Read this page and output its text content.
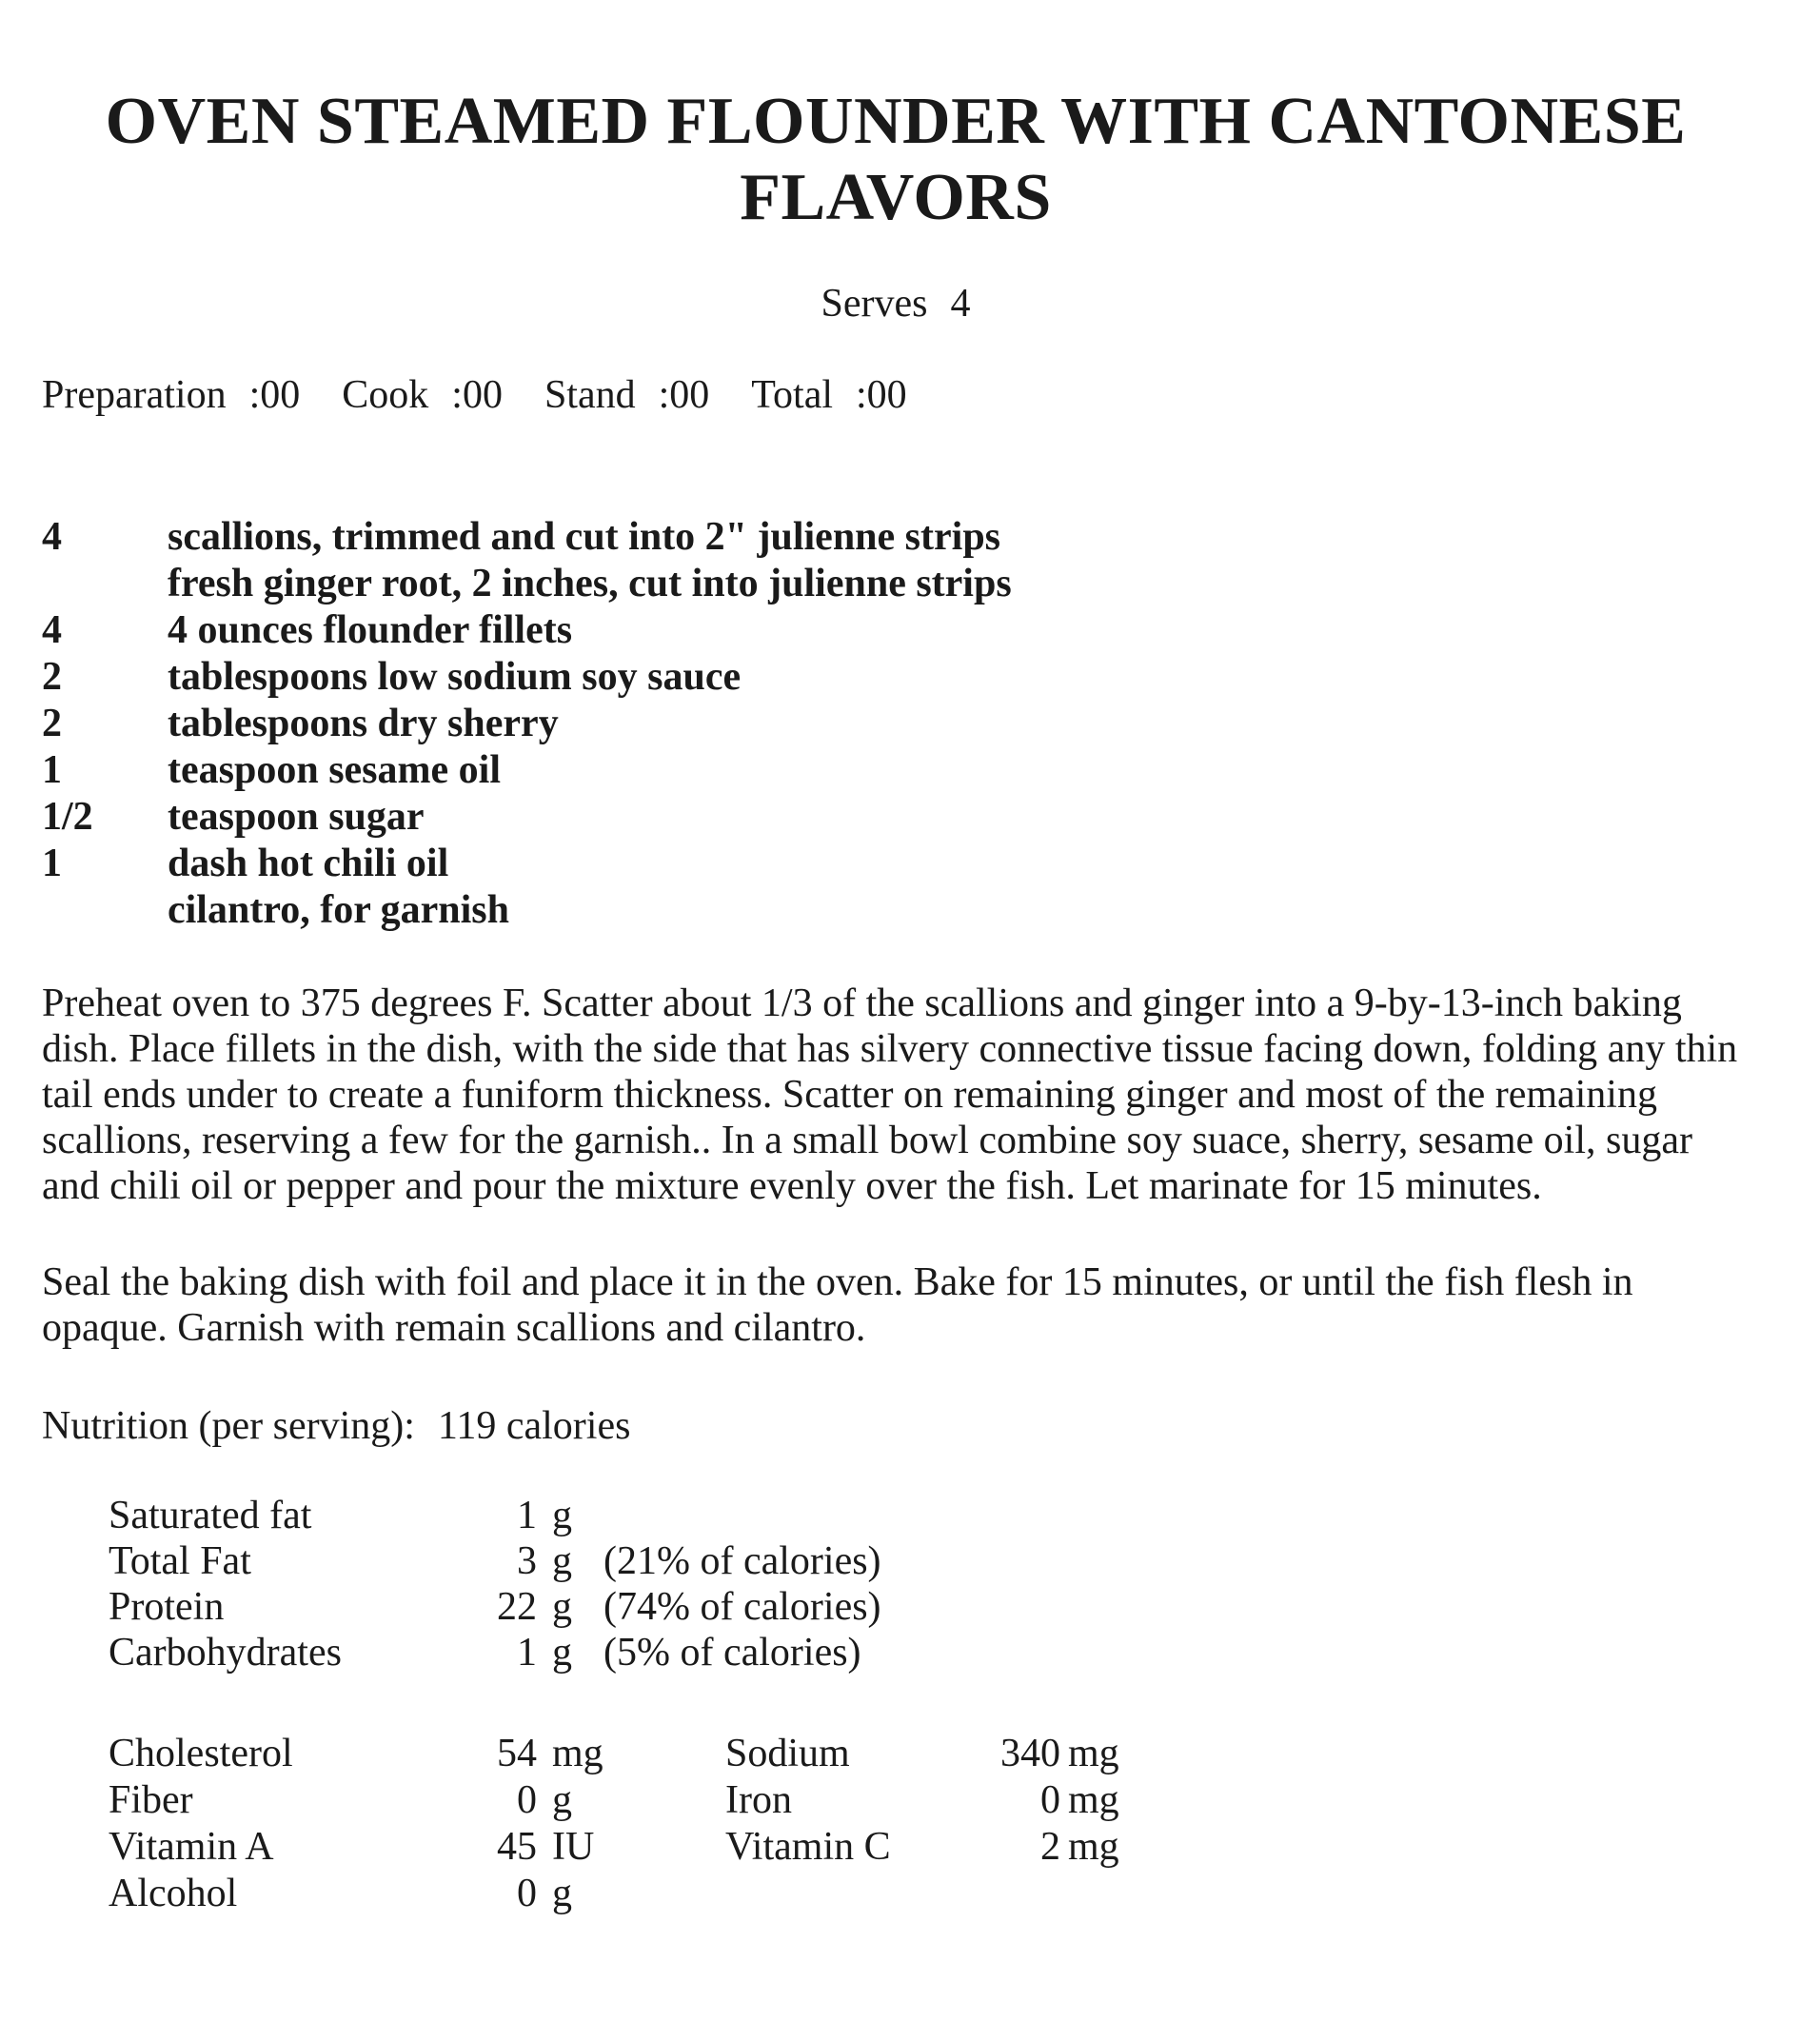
OVEN STEAMED FLOUNDER WITH CANTONESE
FLAVORS
Serves 4
Preparation :00 Cook :00 Stand :00 Total :00
4	scallions, trimmed and cut into 2" julienne strips
fresh ginger root, 2 inches, cut into julienne strips
4	4 ounces flounder fillets
2	tablespoons low sodium soy sauce
2	tablespoons dry sherry
1	teaspoon sesame oil
1/2	teaspoon sugar
1	dash hot chili oil
cilantro, for garnish
Preheat oven to 375 degrees F. Scatter about 1/3 of the scallions and ginger into a 9-by-13-inch baking dish. Place fillets in the dish, with the side that has silvery connective tissue facing down, folding any thin tail ends under to create a funiform thickness. Scatter on remaining ginger and most of the remaining scallions, reserving a few for the garnish.. In a small bowl combine soy suace, sherry, sesame oil, sugar and chili oil or pepper and pour the mixture evenly over the fish. Let marinate for 15 minutes.
Seal the baking dish with foil and place it in the oven. Bake for 15 minutes, or until the fish flesh in opaque. Garnish with remain scallions and cilantro.
Nutrition (per serving): 119 calories
Saturated fat	1 g
Total Fat	3 g (21% of calories)
Protein	22 g (74% of calories)
Carbohydrates	1 g (5% of calories)
Cholesterol	54 mg	Sodium	340 mg
Fiber	0 g	Iron	0 mg
Vitamin A	45 IU	Vitamin C	2 mg
Alcohol	0 g
